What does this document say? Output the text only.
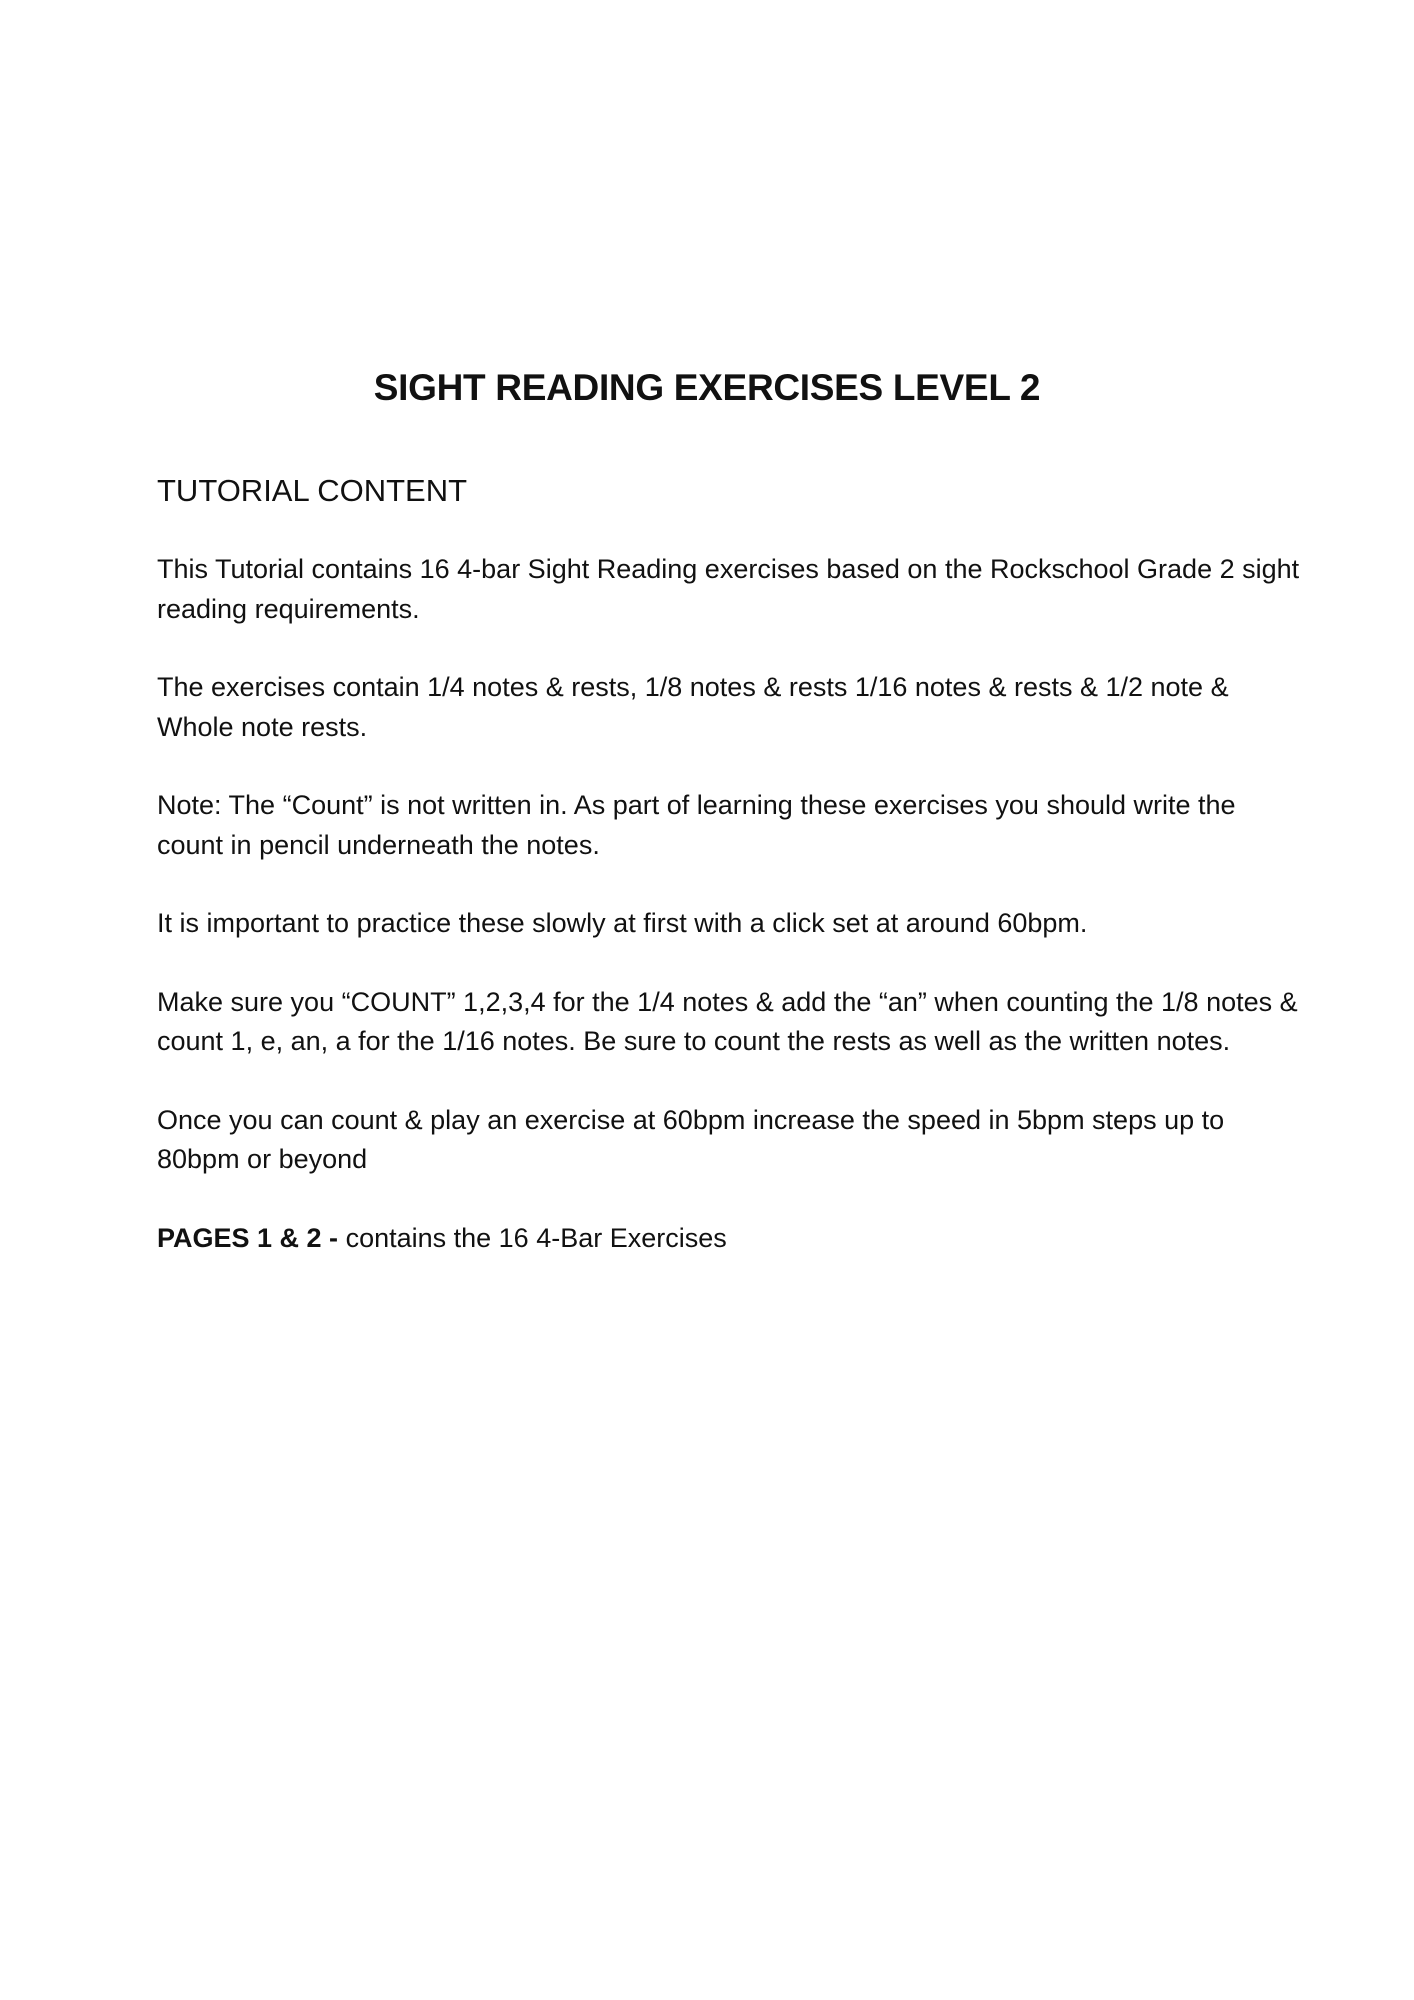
SIGHT READING EXERCISES LEVEL 2
TUTORIAL CONTENT

This Tutorial contains 16 4-bar Sight Reading exercises based on the Rockschool Grade 2 sight reading requirements.

The exercises contain 1/4 notes & rests, 1/8 notes & rests 1/16 notes & rests & 1/2 note & Whole note rests.

Note: The “Count” is not written in. As part of learning these exercises you should write the count in pencil underneath the notes.

It is important to practice these slowly at first with a click set at around 60bpm.

Make sure you “COUNT” 1,2,3,4 for the 1/4 notes & add the “an” when counting the 1/8 notes & count 1, e, an, a for the 1/16 notes. Be sure to count the rests as well as the written notes.

Once you can count & play an exercise at 60bpm increase the speed in 5bpm steps up to 80bpm or beyond

PAGES 1 & 2 - contains the 16 4-Bar Exercises
